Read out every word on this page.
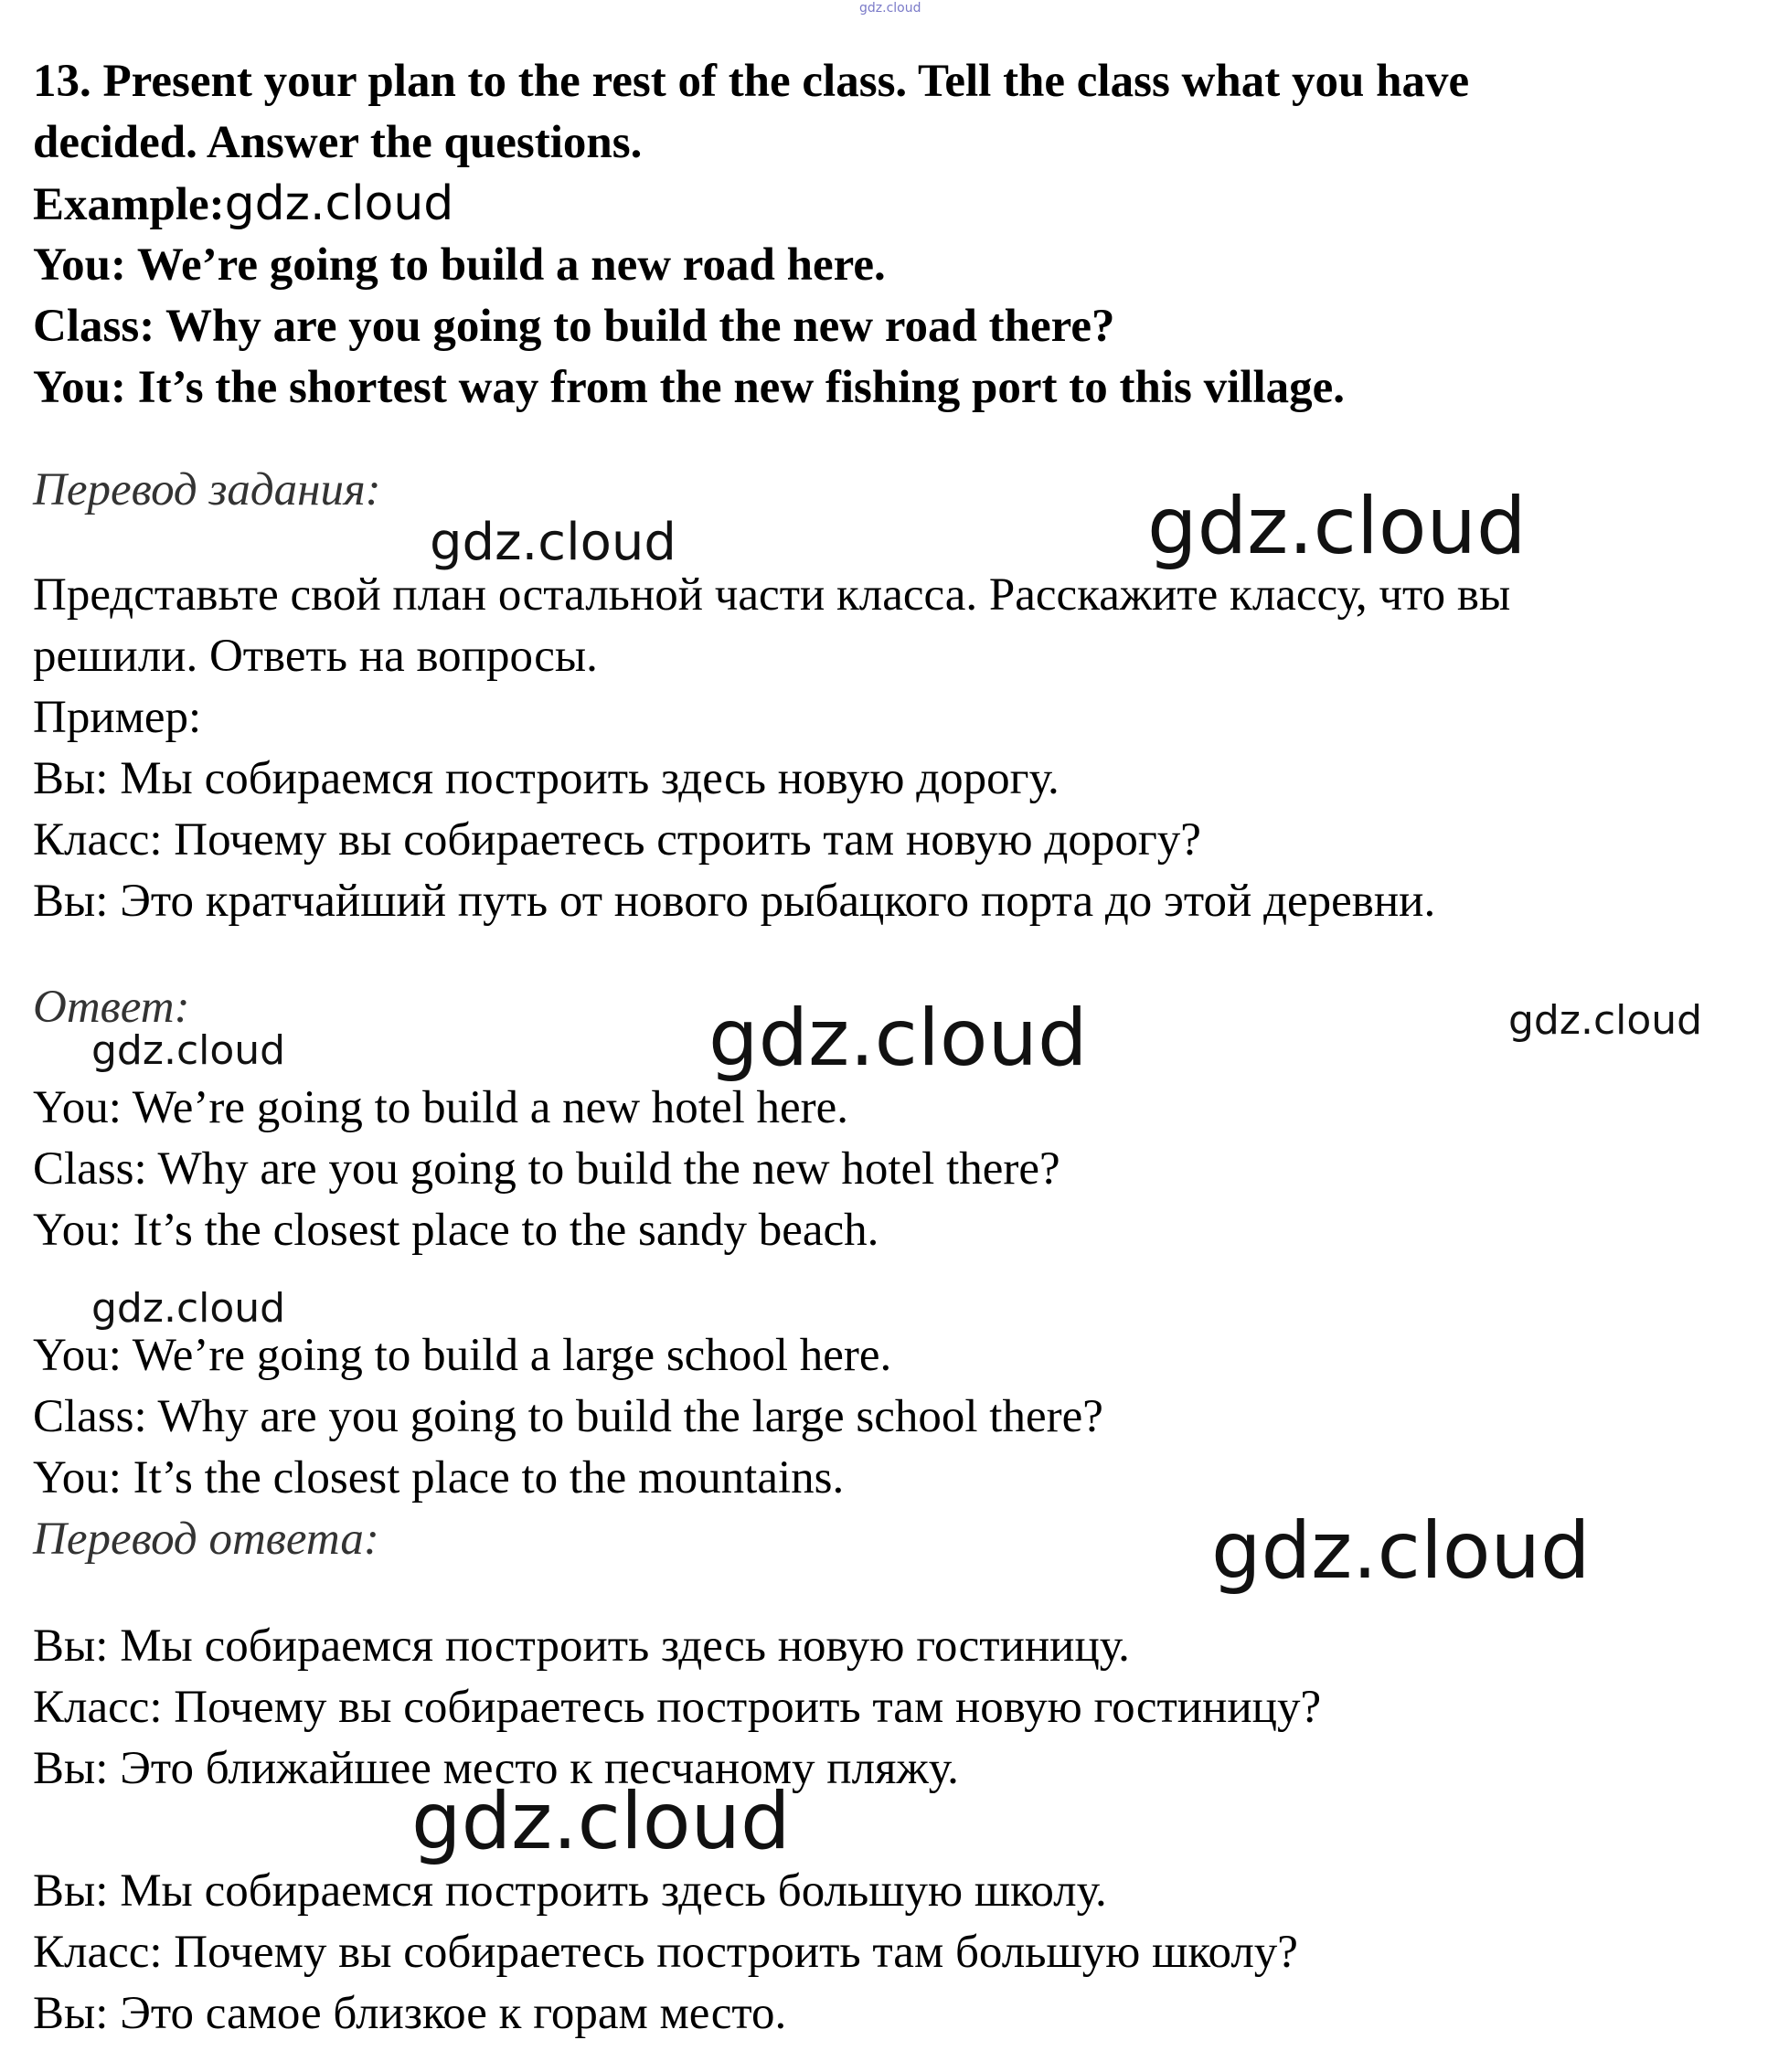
gdz.cloud
13. Present your plan to the rest of the class. Tell the class what you have
decided. Answer the questions.
Example:gdz.cloud
You: We’re going to build a new road here.
Class: Why are you going to build the new road there?
You: It’s the shortest way from the new fishing port to this village.
Перевод задания:
gdz.cloud	gdz.cloud
Представьте свой план остальной части класса. Расскажите классу, что вы
решили. Ответь на вопросы.
Пример:
Вы: Мы собираемся построить здесь новую дорогу.
Класс: Почему вы собираетесь строить там новую дорогу?
Вы: Это кратчайший путь от нового рыбацкого порта до этой деревни.
Ответ:
gdz.cloud	gdz.cloud	gdz.cloud
You: We’re going to build a new hotel here.
Class: Why are you going to build the new hotel there?
You: It’s the closest place to the sandy beach.
gdz.cloud
You: We’re going to build a large school here.
Class: Why are you going to build the large school there?
You: It’s the closest place to the mountains.
Перевод ответа:	gdz.cloud
Вы: Мы собираемся построить здесь новую гостиницу.
Класс: Почему вы собираетесь построить там новую гостиницу?
Вы: Это ближайшее место к песчаному пляжу.
gdz.cloud
Вы: Мы собираемся построить здесь большую школу.
Класс: Почему вы собираетесь построить там большую школу?
Вы: Это самое близкое к горам место.
